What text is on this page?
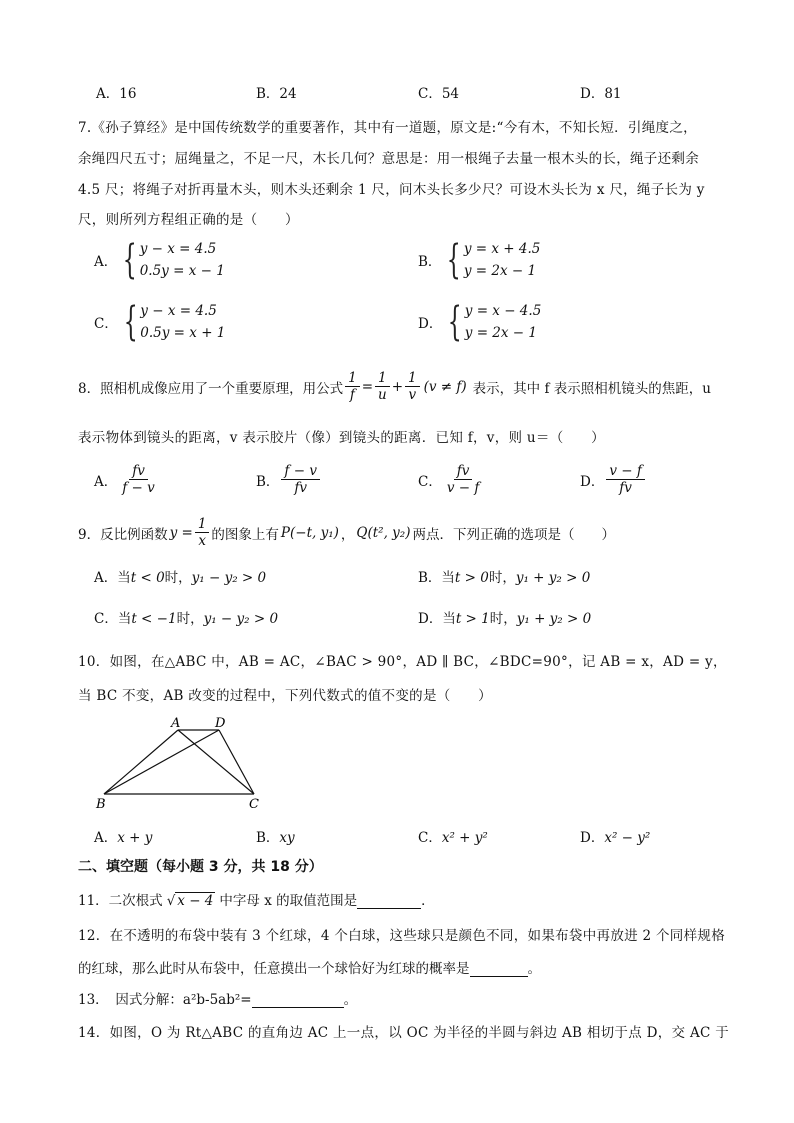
A．16	B．24	C．54	D．81
7.《孙子算经》是中国传统数学的重要著作，其中有一道题，原文是:“今有木，不知长短．引绳度之，
余绳四尺五寸；屈绳量之，不足一尺，木长几何？意思是：用一根绳子去量一根木头的长，绳子还剩余
4.5 尺；将绳子对折再量木头，则木头还剩余 1 尺，问木头长多少尺？可设木头长为 x 尺，绳子长为 y
尺，则所列方程组正确的是（　　）
A． { y − x = 4.5
0.5y = x − 1
B． { y = x + 4.5
y = 2x − 1
C． { y − x = 4.5
0.5y = x + 1
D． { y = x − 4.5
y = 2x − 1
8．照相机成像应用了一个重要原理，用公式 $\frac{1}{f} = \frac{1}{u} + \frac{1}{v} (v \ne f)$ 表示，其中 f 表示照相机镜头的焦距，u
表示物体到镜头的距离，v 表示胶片（像）到镜头的距离．已知 f，v，则 u＝（　　）
A． $\frac{fv}{f - v}$	B． $\frac{f - v}{fv}$	C． $\frac{fv}{v - f}$	D． $\frac{v - f}{fv}$
9．反比例函数 $y = \frac{1}{x}$ 的图象上有 P(−t, y₁) ， Q(t², y₂) 两点．下列正确的选项是（　　）
A．当t < 0时，y₁ − y₂ > 0	B．当t > 0时，y₁ + y₂ > 0
C．当t < −1时，y₁ − y₂ > 0	D．当t > 1时，y₁ + y₂ > 0
10．如图，在△ABC 中，AB = AC，∠BAC > 90°，AD ∥ BC，∠BDC=90°，记 AB = x，AD = y，
当 BC 不变，AB 改变的过程中，下列代数式的值不变的是（　　）
A	D
B	C
A．x + y	B．xy	C．x² + y²	D．x² − y²
二、填空题（每小题 3 分，共 18 分）
11．二次根式 √ x − 4 中字母 x 的取值范围是	．
12．在不透明的布袋中装有 3 个红球，4 个白球，这些球只是颜色不同，如果布袋中再放进 2 个同样规格
的红球，那么此时从布袋中，任意摸出一个球恰好为红球的概率是	。
13．　因式分解：a²b-5ab²=	。
14．如图，O 为 Rt△ABC 的直角边 AC 上一点，以 OC 为半径的半圆与斜边 AB 相切于点 D，交 AC 于
